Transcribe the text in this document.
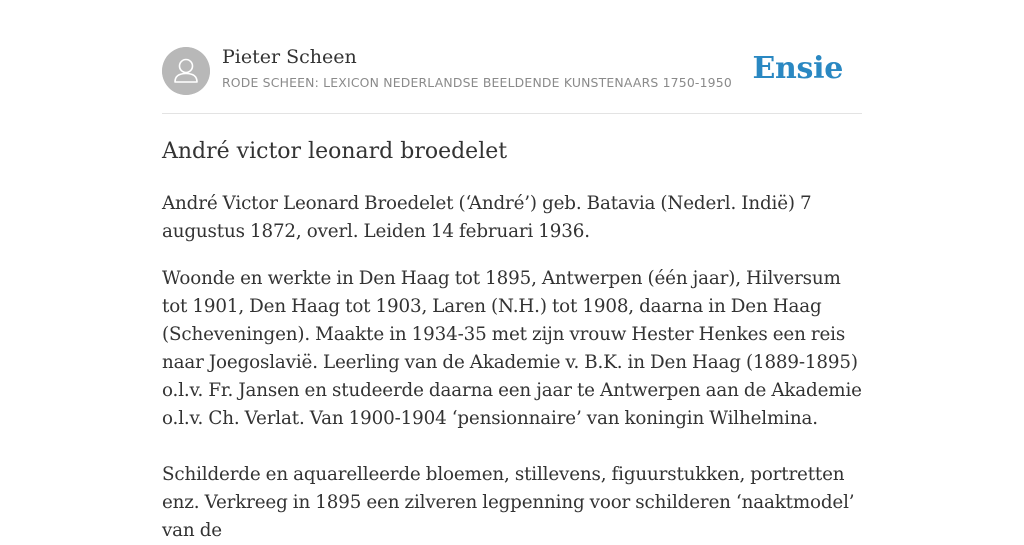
Pieter Scheen
RODE SCHEEN: LEXICON NEDERLANDSE BEELDENDE KUNSTENAARS 1750-1950 Ensie
André victor leonard broedelet

André Victor Leonard Broedelet (‘André’) geb. Batavia (Nederl. Indië) 7 augustus 1872, overl. Leiden 14 februari 1936.

Woonde en werkte in Den Haag tot 1895, Antwerpen (één jaar), Hilversum tot 1901, Den Haag tot 1903, Laren (N.H.) tot 1908, daarna in Den Haag (Scheveningen). Maakte in 1934-35 met zijn vrouw Hester Henkes een reis naar Joegoslavië. Leerling van de Akademie v. B.K. in Den Haag (1889-1895) o.l.v. Fr. Jansen en studeerde daarna een jaar te Antwerpen aan de Akademie o.l.v. Ch. Verlat. Van 1900-1904 ‘pensionnaire’ van koningin Wilhelmina.

Schilderde en aquarelleerde bloemen, stillevens, figuurstukken, portretten enz. Verkreeg in 1895 een zilveren legpenning voor schilderen ‘naaktmodel’ van de
